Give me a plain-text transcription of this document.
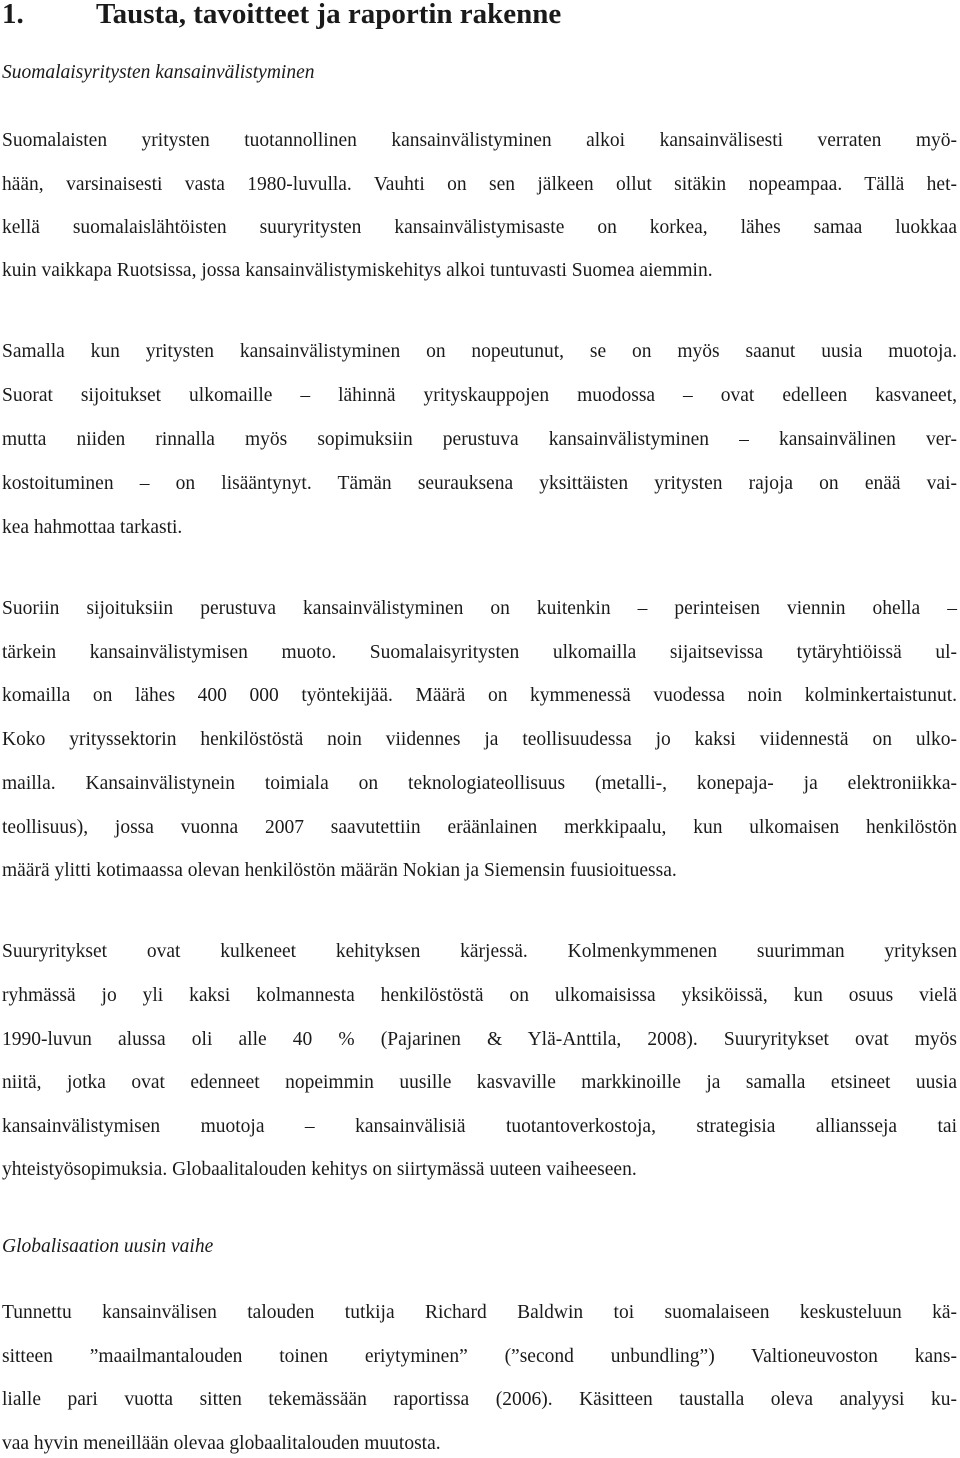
1. Tausta, tavoitteet ja raportin rakenne
Suomalaisyritysten kansainvälistyminen
Suomalaisten yritysten tuotannollinen kansainvälistyminen alkoi kansainvälisesti verraten myö-
hään, varsinaisesti vasta 1980-luvulla. Vauhti on sen jälkeen ollut sitäkin nopeampaa. Tällä het-
kellä suomalaislähtöisten suuryritysten kansainvälistymisaste on korkea, lähes samaa luokkaa
kuin vaikkapa Ruotsissa, jossa kansainvälistymiskehitys alkoi tuntuvasti Suomea aiemmin.
Samalla kun yritysten kansainvälistyminen on nopeutunut, se on myös saanut uusia muotoja.
Suorat sijoitukset ulkomaille – lähinnä yrityskauppojen muodossa – ovat edelleen kasvaneet,
mutta niiden rinnalla myös sopimuksiin perustuva kansainvälistyminen – kansainvälinen ver-
kostoituminen – on lisääntynyt. Tämän seurauksena yksittäisten yritysten rajoja on enää vai-
kea hahmottaa tarkasti.
Suoriin sijoituksiin perustuva kansainvälistyminen on kuitenkin – perinteisen viennin ohella –
tärkein kansainvälistymisen muoto. Suomalaisyritysten ulkomailla sijaitsevissa tytäryhtiöissä ul-
komailla on lähes 400 000 työntekijää. Määrä on kymmenessä vuodessa noin kolminkertaistunut.
Koko yrityssektorin henkilöstöstä noin viidennes ja teollisuudessa jo kaksi viidennestä on ulko-
mailla. Kansainvälistynein toimiala on teknologiateollisuus (metalli-, konepaja- ja elektroniikka-
teollisuus), jossa vuonna 2007 saavutettiin eräänlainen merkkipaalu, kun ulkomaisen henkilöstön
määrä ylitti kotimaassa olevan henkilöstön määrän Nokian ja Siemensin fuusioituessa.
Suuryritykset ovat kulkeneet kehityksen kärjessä. Kolmenkymmenen suurimman yrityksen
ryhmässä jo yli kaksi kolmannesta henkilöstöstä on ulkomaisissa yksiköissä, kun osuus vielä
1990-luvun alussa oli alle 40 % (Pajarinen & Ylä-Anttila, 2008). Suuryritykset ovat myös
niitä, jotka ovat edenneet nopeimmin uusille kasvaville markkinoille ja samalla etsineet uusia
kansainvälistymisen muotoja – kansainvälisiä tuotantoverkostoja, strategisia alliansseja tai
yhteistyösopimuksia. Globaalitalouden kehitys on siirtymässä uuteen vaiheeseen.
Globalisaation uusin vaihe
Tunnettu kansainvälisen talouden tutkija Richard Baldwin toi suomalaiseen keskusteluun kä-
sitteen ”maailmantalouden toinen eriytyminen” (”second unbundling”) Valtioneuvoston kans-
lialle pari vuotta sitten tekemässään raportissa (2006). Käsitteen taustalla oleva analyysi ku-
vaa hyvin meneillään olevaa globaalitalouden muutosta.
